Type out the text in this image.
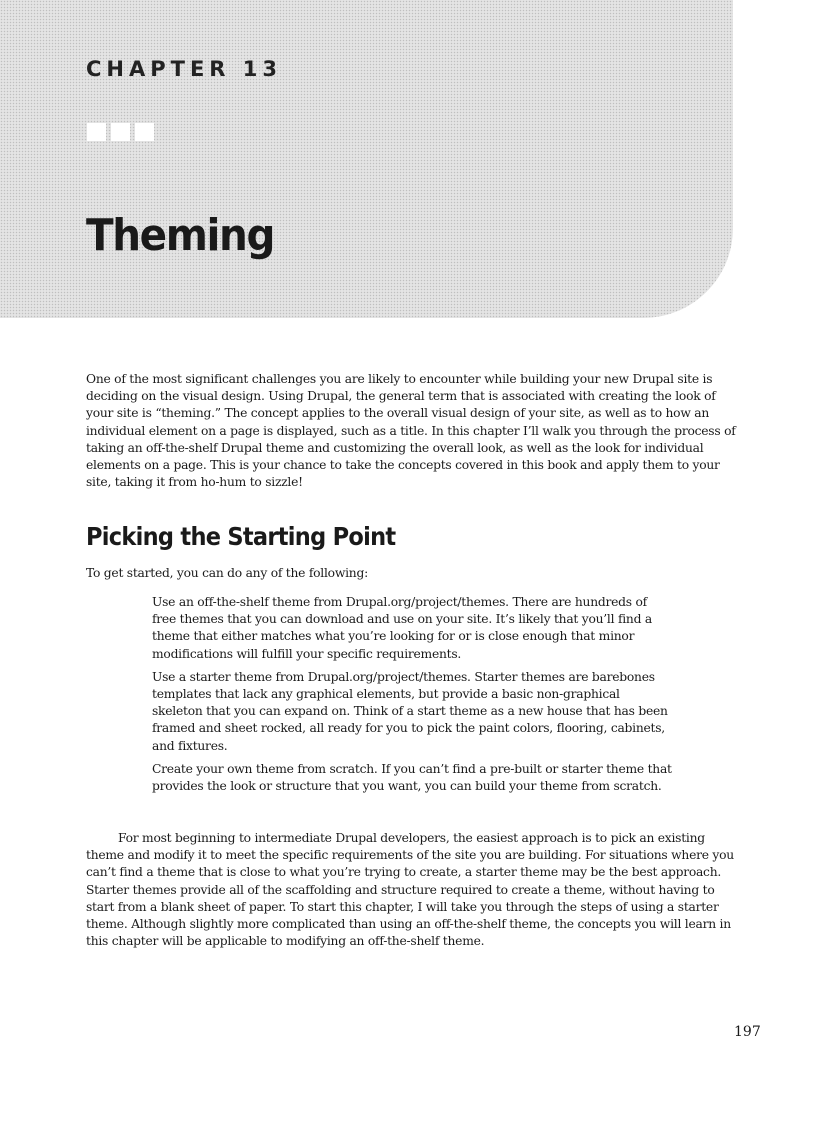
CHAPTER 13
Theming

One of the most significant challenges you are likely to encounter while building your new Drupal site is deciding on the visual design. Using Drupal, the general term that is associated with creating the look of your site is “theming.” The concept applies to the overall visual design of your site, as well as to how an individual element on a page is displayed, such as a title. In this chapter I’ll walk you through the process of taking an off-the-shelf Drupal theme and customizing the overall look, as well as the look for individual elements on a page. This is your chance to take the concepts covered in this book and apply them to your site, taking it from ho-hum to sizzle!

Picking the Starting Point

To get started, you can do any of the following:

Use an off-the-shelf theme from Drupal.org/project/themes. There are hundreds of free themes that you can download and use on your site. It’s likely that you’ll find a theme that either matches what you’re looking for or is close enough that minor modifications will fulfill your specific requirements.
Use a starter theme from Drupal.org/project/themes. Starter themes are barebones templates that lack any graphical elements, but provide a basic non-graphical skeleton that you can expand on. Think of a start theme as a new house that has been framed and sheet rocked, all ready for you to pick the paint colors, flooring, cabinets, and fixtures.
Create your own theme from scratch. If you can’t find a pre-built or starter theme that provides the look or structure that you want, you can build your theme from scratch.

For most beginning to intermediate Drupal developers, the easiest approach is to pick an existing theme and modify it to meet the specific requirements of the site you are building. For situations where you can’t find a theme that is close to what you’re trying to create, a starter theme may be the best approach. Starter themes provide all of the scaffolding and structure required to create a theme, without having to start from a blank sheet of paper. To start this chapter, I will take you through the steps of using a starter theme. Although slightly more complicated than using an off-the-shelf theme, the concepts you will learn in this chapter will be applicable to modifying an off-the-shelf theme.

197
